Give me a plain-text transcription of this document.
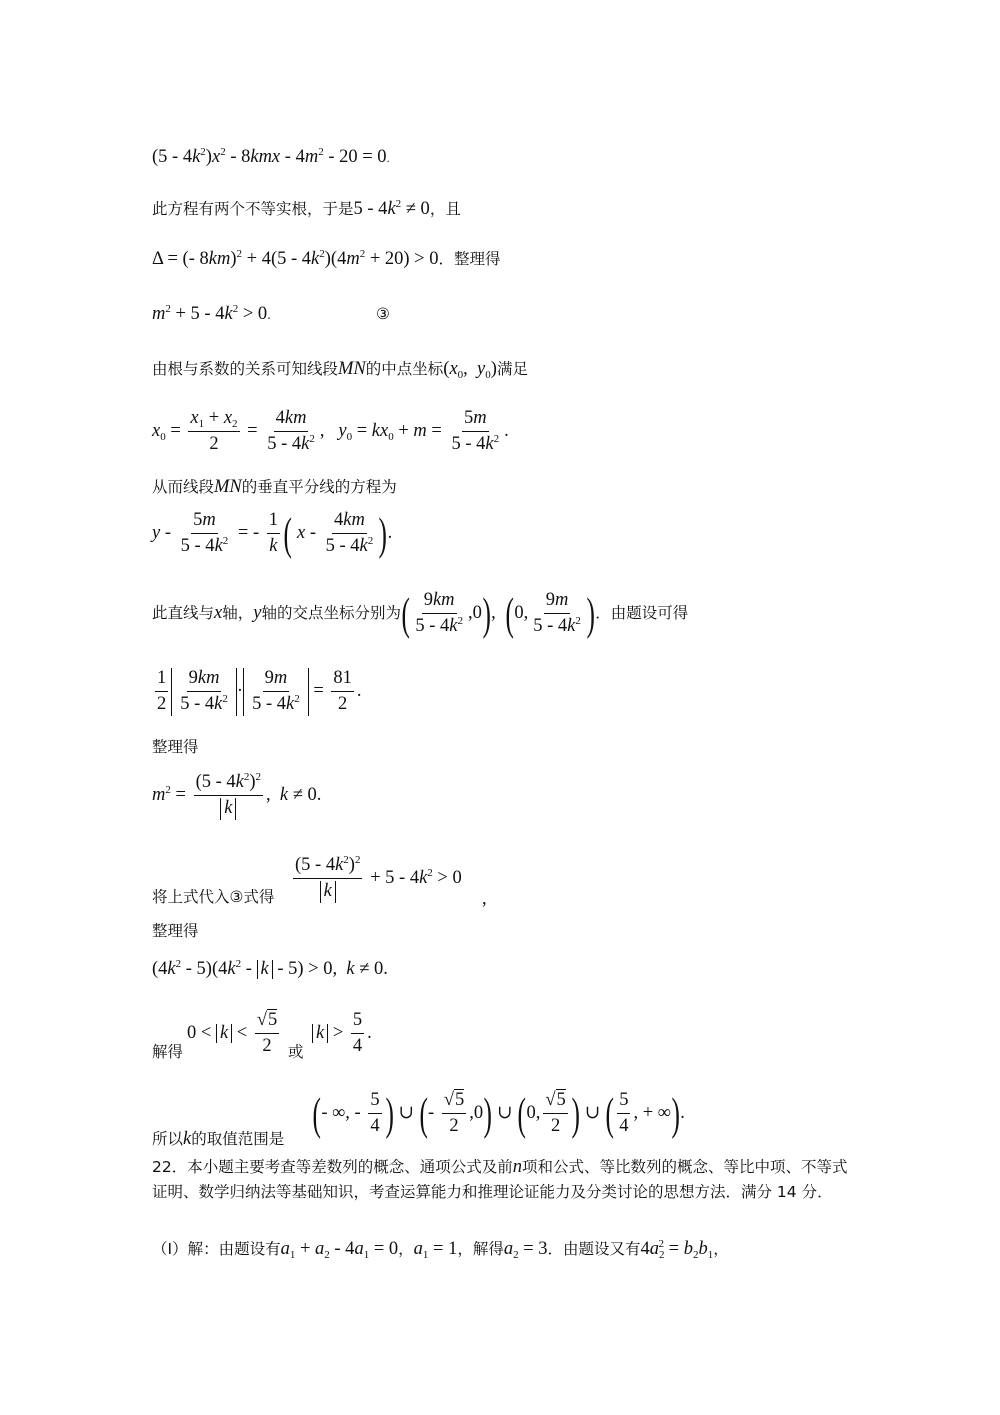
$(5 - 4k^2)x^2 - 8kmx - 4m^2 - 20 = 0$.
此方程有两个不等实根，于是$5 - 4k^2 \ne 0$，且
Δ = (- $8km)^2 + 4(5 - 4k^2)(4m^2 + 20) > 0$．整理得
$m^2 + 5 - 4k^2 > 0$.	③
由根与系数的关系可知线段MN的中点坐标($x_0$,  $y_0$)满足
$x_0 = \frac{x_1 + x_2}{2} = \frac{4km}{5 - 4k^2}$ ,   $y_0 = kx_0 + m = \frac{5m}{5 - 4k^2}$ .
从而线段MN的垂直平分线的方程为
y - $\frac{5m}{5 - 4k^2}$ = - $\frac{1}{k}$ ( x - $\frac{4km}{5 - 4k^2}$ ).
此直线与x轴，y轴的交点坐标分别为( $\frac{9km}{5 - 4k^2} ,0$),  (0, $\frac{9m}{5 - 4k^2}$ )．由题设可得
$\frac{1}{2} \frac{9km}{5 - 4k^2} \cdot \frac{9m}{5 - 4k^2} = \frac{81}{2}$ .
整理得
$m^2 = \frac{(5 - 4k^2)^2}{k}$ ,  k ≠ 0.
将上式代入③式得 $\frac{(5 - 4k^2)^2}{k} + 5 - 4k^2 > 0$
,
整理得
$(4k^2 - 5)(4k^2 - k - 5) > 0$,  k ≠ 0.
解得
$0 < k < \frac{√5}{2}$ 或
$k > \frac{5}{4}$ .
所以k的取值范围是
(- ∞, - $\frac{5}{4}$ ) ∪ (- $\frac{√5}{2} ,0$) ∪ (0, $\frac{√5}{2}$ ) ∪ ( $\frac{5}{4}$ , + ∞).
22．本小题主要考查等差数列的概念、通项公式及前n项和公式、等比数列的概念、等比中项、不等式证明、数学归纳法等基础知识，考查运算能力和推理论证能力及分类讨论的思想方法．满分 14 分．
（Ⅰ）解：由题设有$a_1 + a_2 - 4a_1 = 0$，$a_1 = 1$，解得$a_2 = 3$．由题设又有$4a_2^2 = b_2b_1$，
